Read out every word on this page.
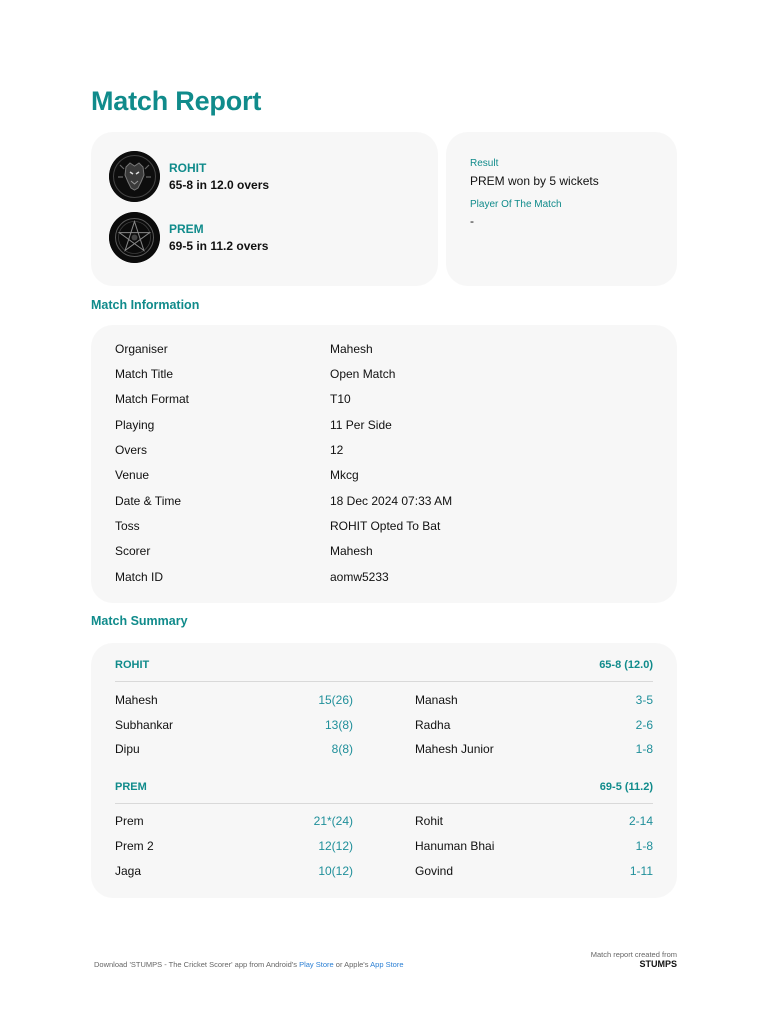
Match Report
ROHIT
65-8 in 12.0 overs
PREM
69-5 in 11.2 overs
Result
PREM won by 5 wickets
Player Of The Match
-
Match Information
Organiser	Mahesh
Match Title	Open Match
Match Format	T10
Playing	11 Per Side
Overs	12
Venue	Mkcg
Date & Time	18 Dec 2024 07:33 AM
Toss	ROHIT Opted To Bat
Scorer	Mahesh
Match ID	aomw5233
Match Summary
ROHIT	65-8 (12.0)
Mahesh	15(26)	Manash	3-5
Subhankar	13(8)	Radha	2-6
Dipu	8(8)	Mahesh Junior	1-8
PREM	69-5 (11.2)
Prem	21*(24)	Rohit	2-14
Prem 2	12(12)	Hanuman Bhai	1-8
Jaga	10(12)	Govind	1-11
Download 'STUMPS - The Cricket Scorer' app from Android's Play Store or Apple's App Store
Match report created from
STUMPS
